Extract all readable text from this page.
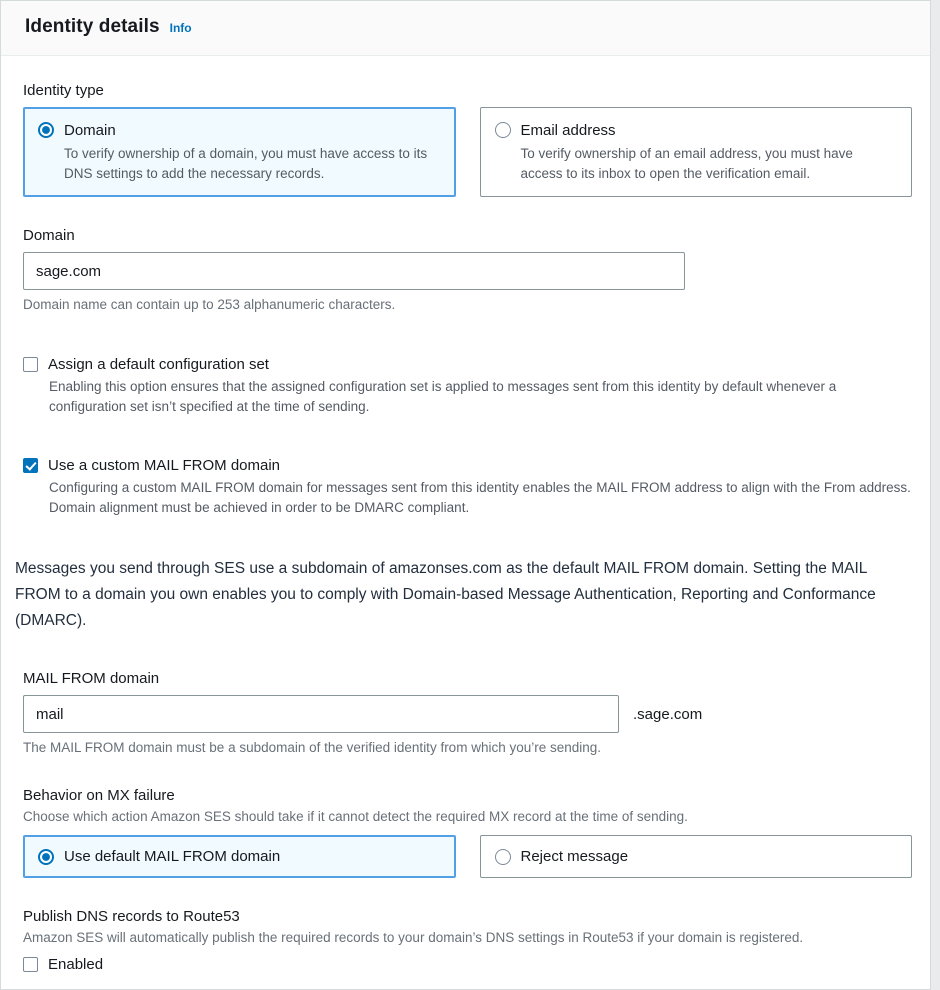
Identity details Info
Identity type
Domain
To verify ownership of a domain, you must have access to its DNS settings to add the necessary records.
Email address
To verify ownership of an email address, you must have access to its inbox to open the verification email.
Domain
sage.com
Domain name can contain up to 253 alphanumeric characters.
Assign a default configuration set
Enabling this option ensures that the assigned configuration set is applied to messages sent from this identity by default whenever a configuration set isn’t specified at the time of sending.
Use a custom MAIL FROM domain
Configuring a custom MAIL FROM domain for messages sent from this identity enables the MAIL FROM address to align with the From address. Domain alignment must be achieved in order to be DMARC compliant.

Messages you send through SES use a subdomain of amazonses.com as the default MAIL FROM domain. Setting the MAIL FROM to a domain you own enables you to comply with Domain-based Message Authentication, Reporting and Conformance (DMARC).

MAIL FROM domain
mail
.sage.com
The MAIL FROM domain must be a subdomain of the verified identity from which you’re sending.
Behavior on MX failure
Choose which action Amazon SES should take if it cannot detect the required MX record at the time of sending.
Use default MAIL FROM domain	Reject message
Publish DNS records to Route53
Amazon SES will automatically publish the required records to your domain’s DNS settings in Route53 if your domain is registered.
Enabled
